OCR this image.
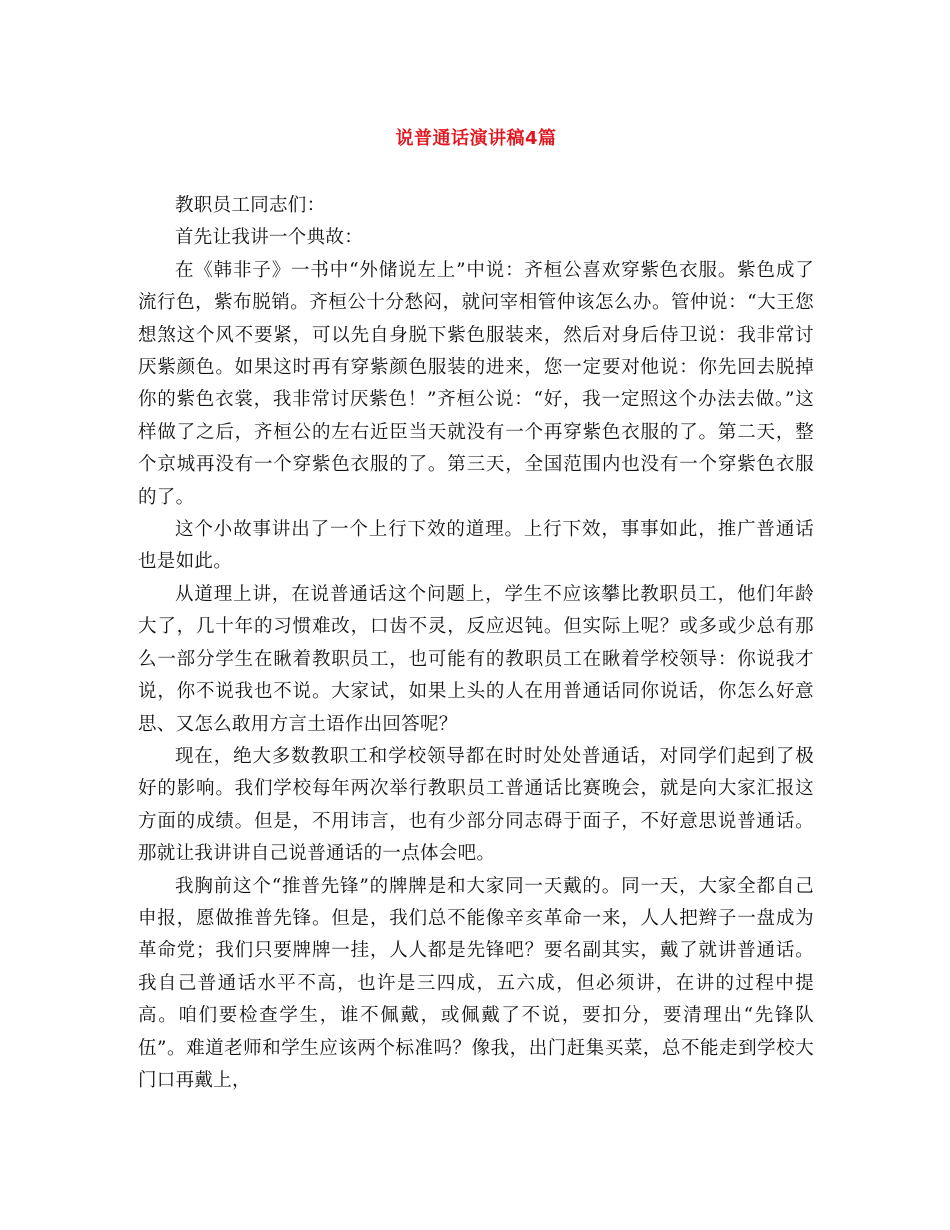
说普通话演讲稿4篇

教职员工同志们：

首先让我讲一个典故：

在《韩非子》一书中“外储说左上”中说：齐桓公喜欢穿紫色衣服。紫色成了流行色，紫布脱销。齐桓公十分愁闷，就问宰相管仲该怎么办。管仲说：“大王您想煞这个风不要紧，可以先自身脱下紫色服装来，然后对身后侍卫说：我非常讨厌紫颜色。如果这时再有穿紫颜色服装的进来，您一定要对他说：你先回去脱掉你的紫色衣裳，我非常讨厌紫色！”齐桓公说：“好，我一定照这个办法去做。”这样做了之后，齐桓公的左右近臣当天就没有一个再穿紫色衣服的了。第二天，整个京城再没有一个穿紫色衣服的了。第三天，全国范围内也没有一个穿紫色衣服的了。

这个小故事讲出了一个上行下效的道理。上行下效，事事如此，推广普通话也是如此。

从道理上讲，在说普通话这个问题上，学生不应该攀比教职员工，他们年龄大了，几十年的习惯难改，口齿不灵，反应迟钝。但实际上呢？或多或少总有那么一部分学生在瞅着教职员工，也可能有的教职员工在瞅着学校领导：你说我才说，你不说我也不说。大家试，如果上头的人在用普通话同你说话，你怎么好意思、又怎么敢用方言土语作出回答呢？

现在，绝大多数教职工和学校领导都在时时处处普通话，对同学们起到了极好的影响。我们学校每年两次举行教职员工普通话比赛晚会，就是向大家汇报这方面的成绩。但是，不用讳言，也有少部分同志碍于面子，不好意思说普通话。那就让我讲讲自己说普通话的一点体会吧。

我胸前这个“推普先锋”的牌牌是和大家同一天戴的。同一天，大家全都自己申报，愿做推普先锋。但是，我们总不能像辛亥革命一来，人人把辫子一盘成为革命党；我们只要牌牌一挂，人人都是先锋吧？要名副其实，戴了就讲普通话。我自己普通话水平不高，也许是三四成，五六成，但必须讲，在讲的过程中提高。咱们要检查学生，谁不佩戴，或佩戴了不说，要扣分，要清理出“先锋队伍”。难道老师和学生应该两个标准吗？像我，出门赶集买菜，总不能走到学校大门口再戴上，
